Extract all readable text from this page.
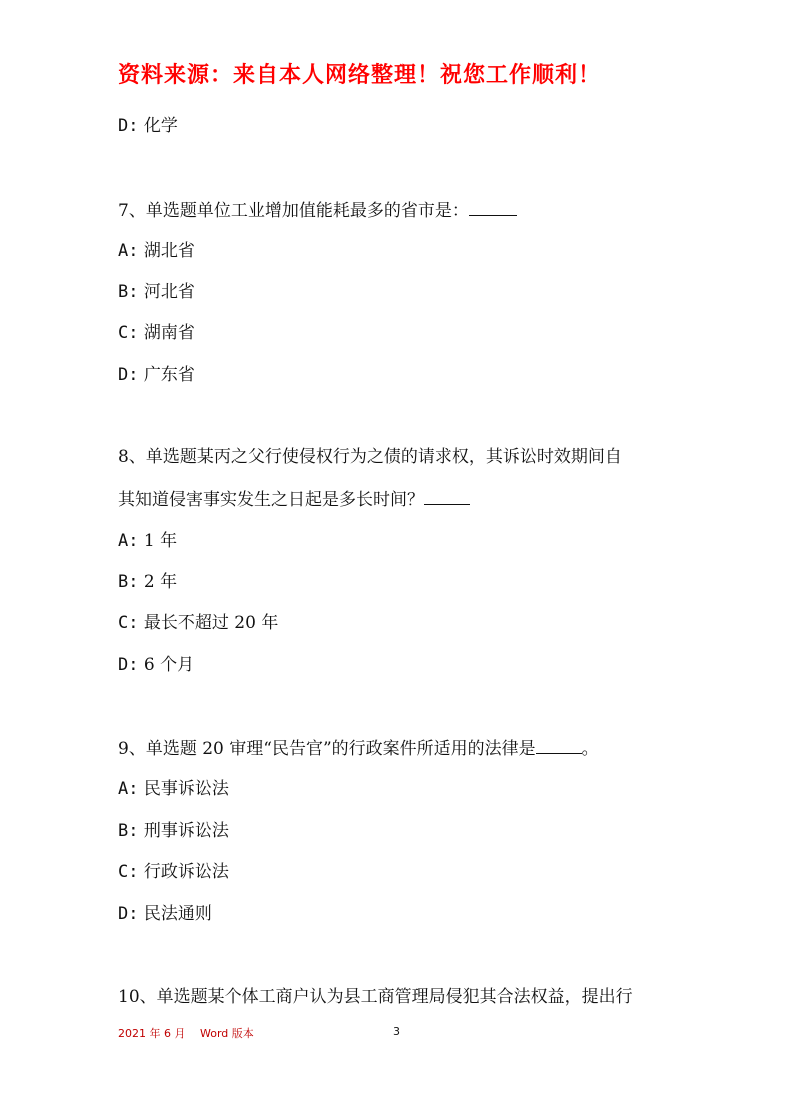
资料来源：来自本人网络整理！祝您工作顺利！
D: 化学
7、单选题单位工业增加值能耗最多的省市是：
A: 湖北省
B: 河北省
C: 湖南省
D: 广东省
8、单选题某丙之父行使侵权行为之债的请求权，其诉讼时效期间自
其知道侵害事实发生之日起是多长时间？
A: 1 年
B: 2 年
C: 最长不超过 20 年
D: 6 个月
9、单选题 20 审理“民告官”的行政案件所适用的法律是	。
A: 民事诉讼法
B: 刑事诉讼法
C: 行政诉讼法
D: 民法通则
10、单选题某个体工商户认为县工商管理局侵犯其合法权益，提出行
2021 年 6 月 Word 版本	3
